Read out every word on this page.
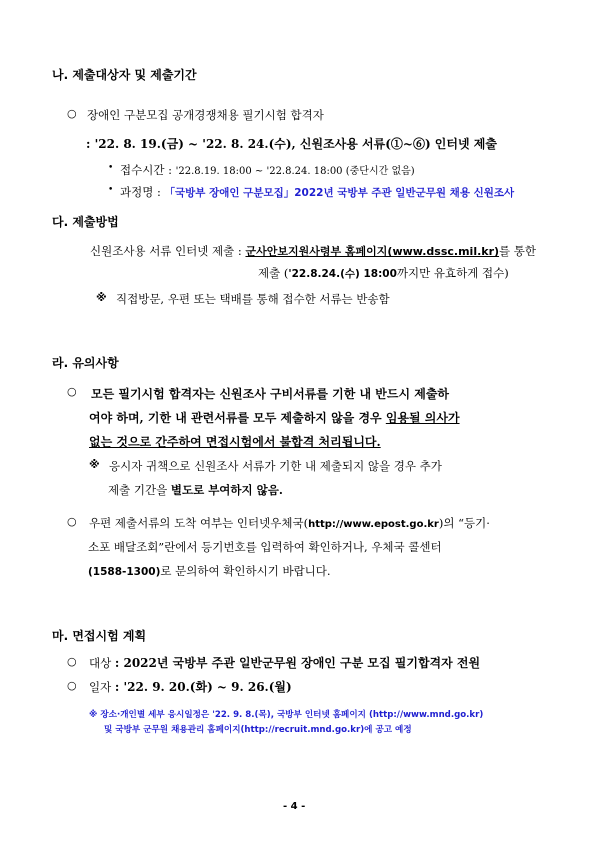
나. 제출대상자 및 제출기간
○ 장애인 구분모집 공개경쟁채용 필기시험 합격자
: '22. 8. 19.(금) ~ '22. 8. 24.(수), 신원조사용 서류(①~⑥) 인터넷 제출
• 접수시간 : '22.8.19. 18:00 ~ '22.8.24. 18:00 (중단시간 없음)
• 과정명 : 「국방부 장애인 구분모집」2022년 국방부 주관 일반군무원 채용 신원조사
다. 제출방법
신원조사용 서류 인터넷 제출 : 군사안보지원사령부 홈페이지(www.dssc.mil.kr)를 통한
제출 ('22.8.24.(수) 18:00까지만 유효하게 접수)
※ 직접방문, 우편 또는 택배를 통해 접수한 서류는 반송함
라. 유의사항
○ 모든 필기시험 합격자는 신원조사 구비서류를 기한 내 반드시 제출하
여야 하며, 기한 내 관련서류를 모두 제출하지 않을 경우 임용될 의사가
없는 것으로 간주하여 면접시험에서 불합격 처리됩니다.
※ 응시자 귀책으로 신원조사 서류가 기한 내 제출되지 않을 경우 추가
제출 기간을 별도로 부여하지 않음.
○ 우편 제출서류의 도착 여부는 인터넷우체국(http://www.epost.go.kr)의 “등기·
소포 배달조회”란에서 등기번호를 입력하여 확인하거나, 우체국 콜센터
(1588-1300)로 문의하여 확인하시기 바랍니다.
마. 면접시험 계획
○ 대상 : 2022년 국방부 주관 일반군무원 장애인 구분 모집 필기합격자 전원
○ 일자 : '22. 9. 20.(화) ~ 9. 26.(월)
※ 장소·개인별 세부 응시일정은 '22. 9. 8.(목), 국방부 인터넷 홈페이지 (http://www.mnd.go.kr)
및 국방부 군무원 채용관리 홈페이지(http://recruit.mnd.go.kr)에 공고 예정
- 4 -
